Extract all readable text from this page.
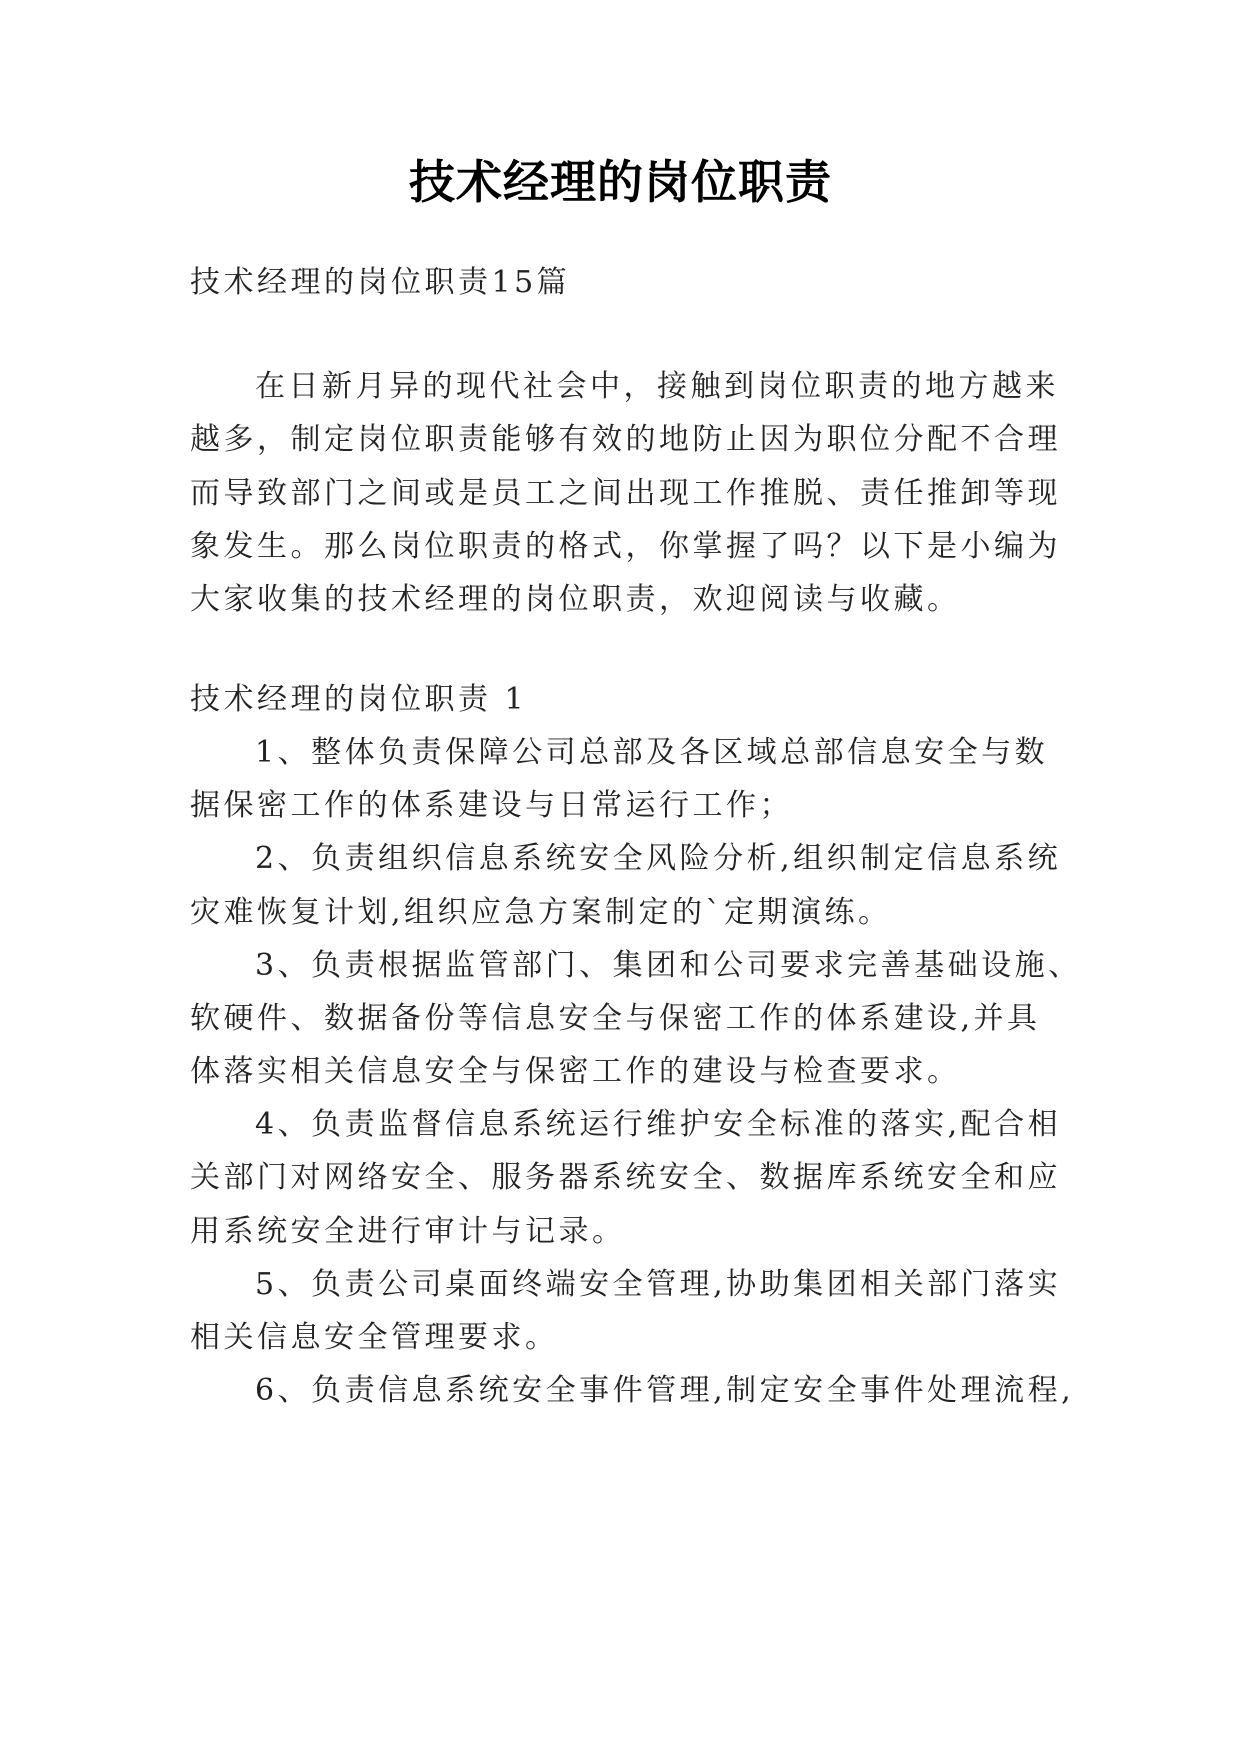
技术经理的岗位职责
技术经理的岗位职责15篇
在日新月异的现代社会中，接触到岗位职责的地方越来
越多，制定岗位职责能够有效的地防止因为职位分配不合理
而导致部门之间或是员工之间出现工作推脱、责任推卸等现
象发生。那么岗位职责的格式，你掌握了吗？以下是小编为
大家收集的技术经理的岗位职责，欢迎阅读与收藏。
技术经理的岗位职责 1
1、整体负责保障公司总部及各区域总部信息安全与数
据保密工作的体系建设与日常运行工作；
2、负责组织信息系统安全风险分析,组织制定信息系统
灾难恢复计划,组织应急方案制定的`定期演练。
3、负责根据监管部门、集团和公司要求完善基础设施、
软硬件、数据备份等信息安全与保密工作的体系建设,并具
体落实相关信息安全与保密工作的建设与检查要求。
4、负责监督信息系统运行维护安全标准的落实,配合相
关部门对网络安全、服务器系统安全、数据库系统安全和应
用系统安全进行审计与记录。
5、负责公司桌面终端安全管理,协助集团相关部门落实
相关信息安全管理要求。
6、负责信息系统安全事件管理,制定安全事件处理流程,
